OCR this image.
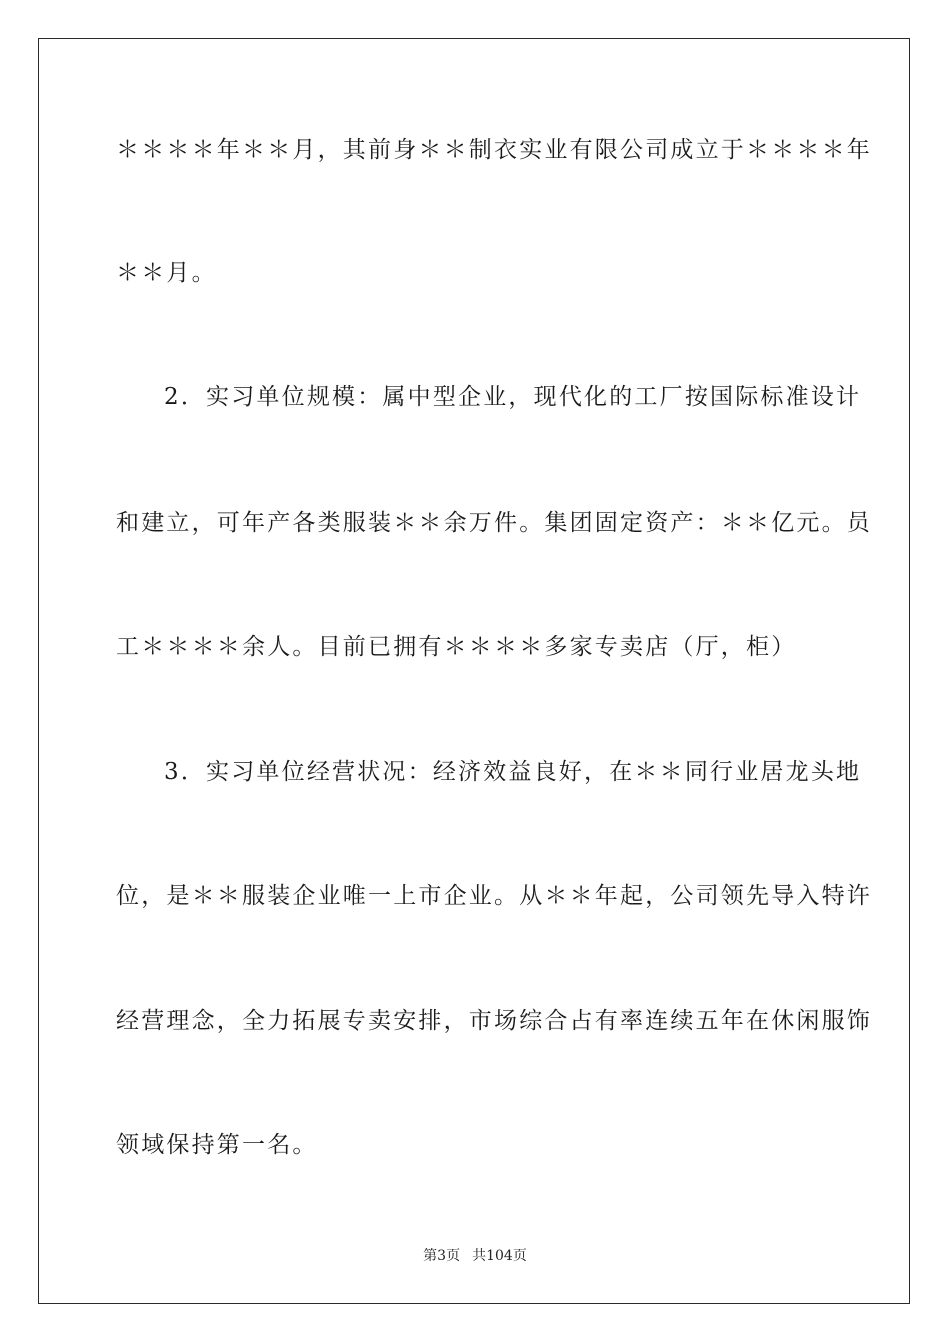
＊＊＊＊年＊＊月，其前身＊＊制衣实业有限公司成立于＊＊＊＊年
＊＊月。
2．实习单位规模：属中型企业，现代化的工厂按国际标准设计
和建立，可年产各类服装＊＊余万件。集团固定资产：＊＊亿元。员
工＊＊＊＊余人。目前已拥有＊＊＊＊多家专卖店（厅，柜）
3．实习单位经营状况：经济效益良好，在＊＊同行业居龙头地
位，是＊＊服装企业唯一上市企业。从＊＊年起，公司领先导入特许
经营理念，全力拓展专卖安排，市场综合占有率连续五年在休闲服饰
领域保持第一名。
第3页 共104页
